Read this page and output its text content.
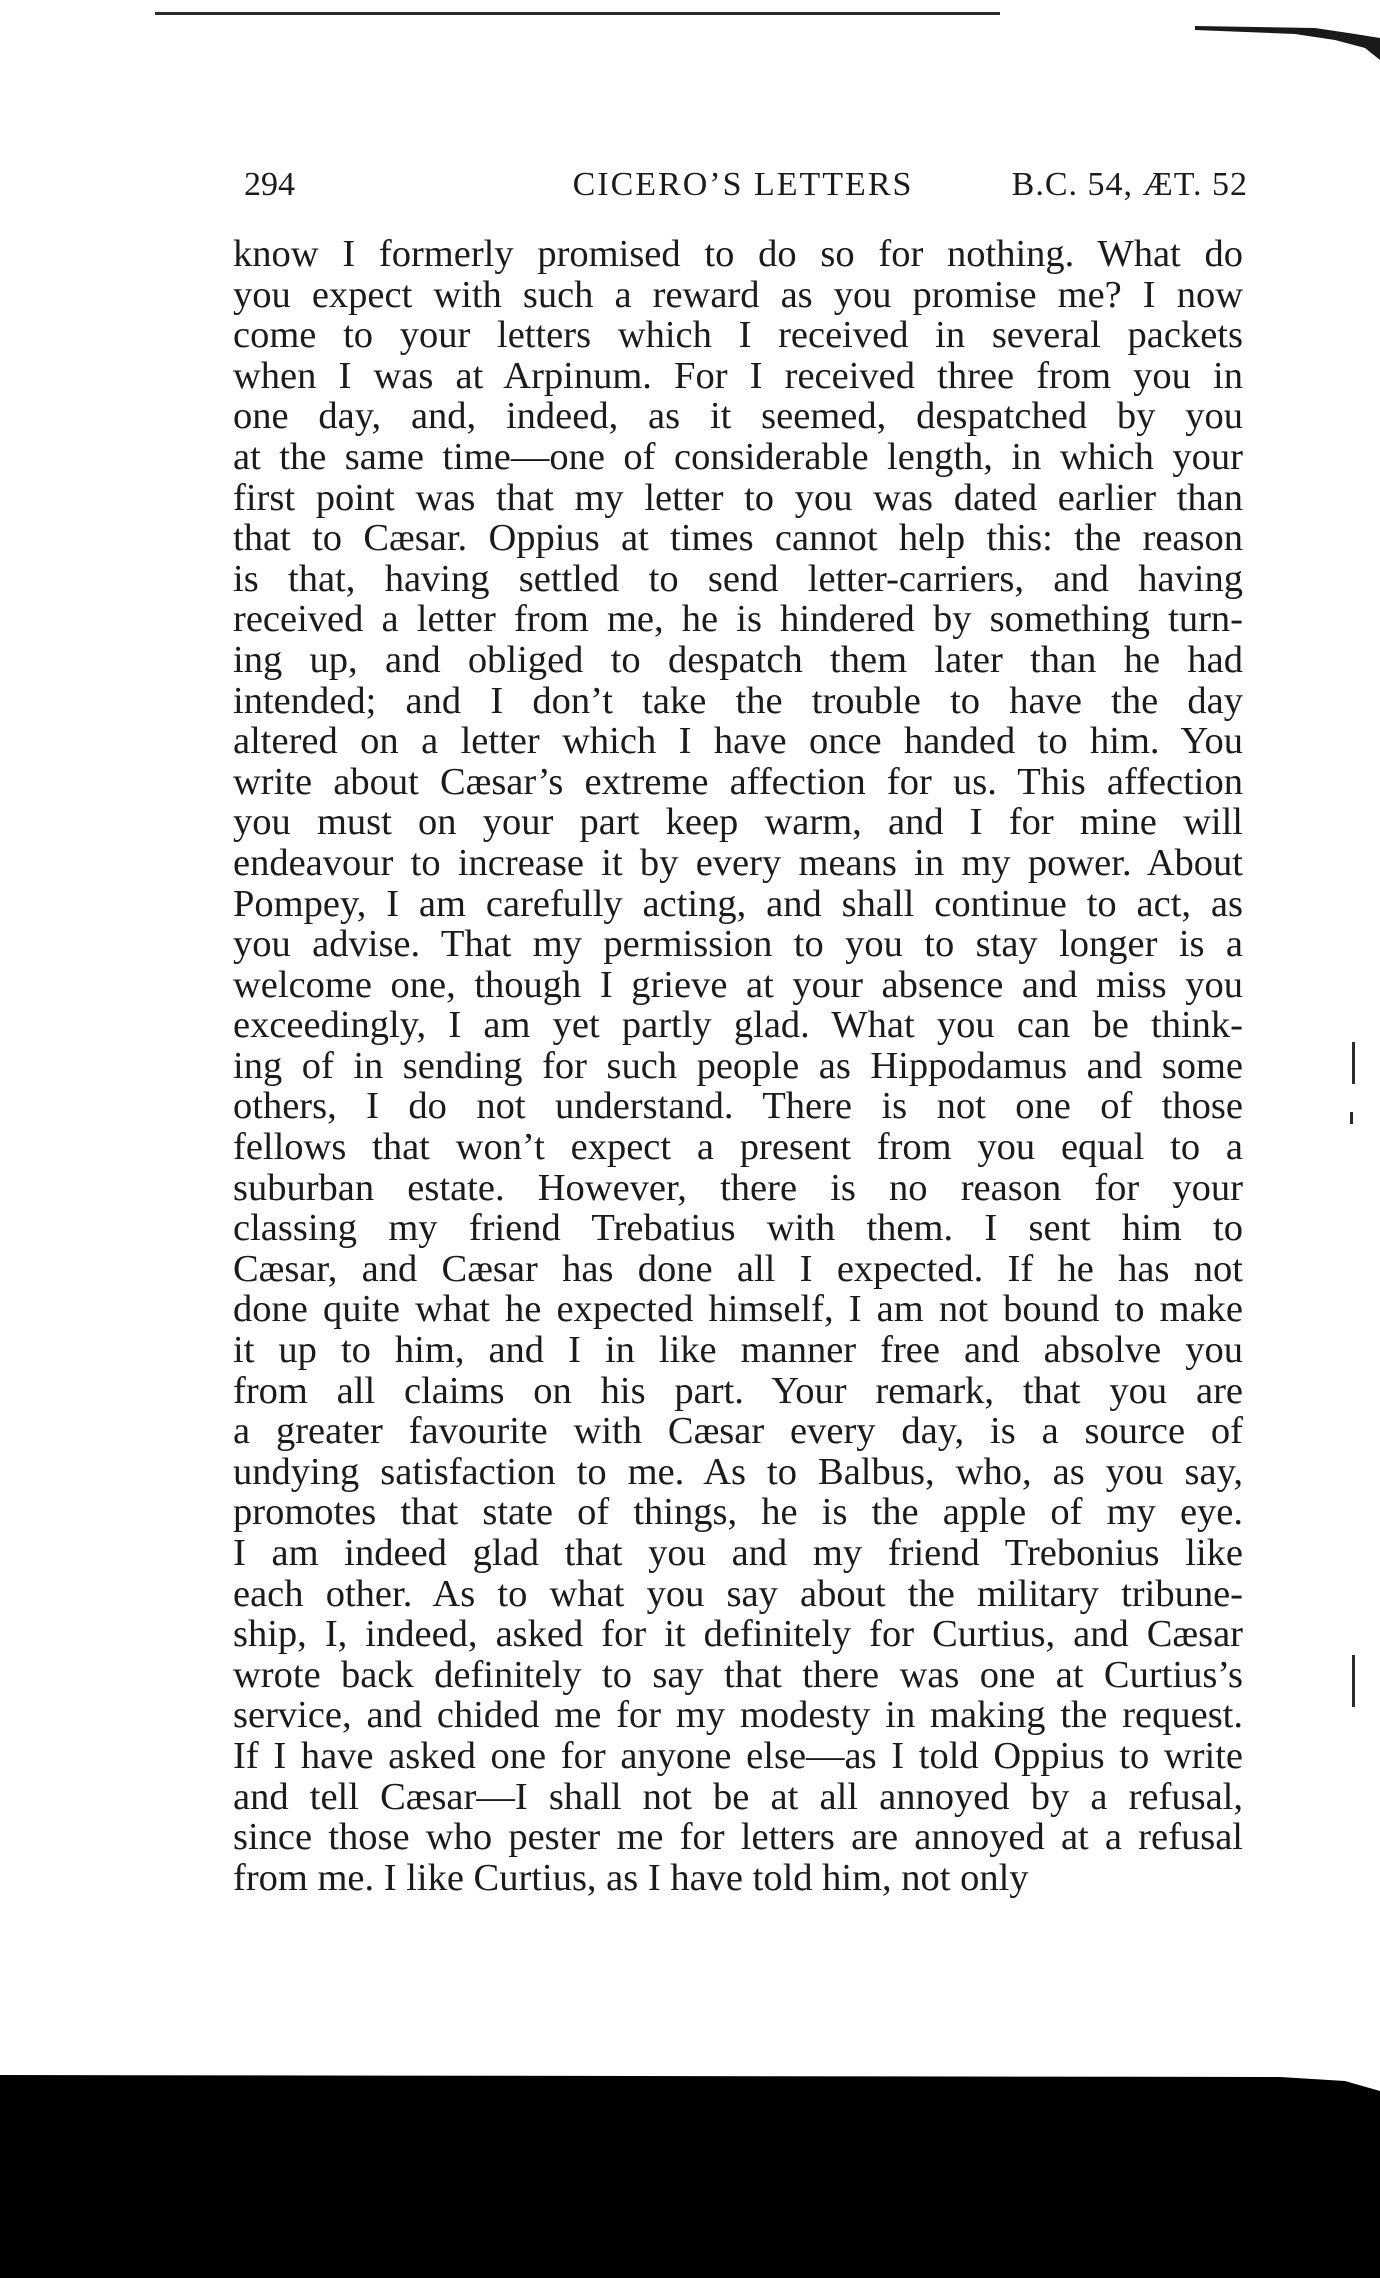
294	CICERO’S LETTERS	B.C. 54, ÆT. 52
know I formerly promised to do so for nothing. What do
you expect with such a reward as you promise me? I now
come to your letters which I received in several packets
when I was at Arpinum. For I received three from you in
one day, and, indeed, as it seemed, despatched by you
at the same time—one of considerable length, in which your
first point was that my letter to you was dated earlier than
that to Cæsar. Oppius at times cannot help this: the reason
is that, having settled to send letter-carriers, and having
received a letter from me, he is hindered by something turn-
ing up, and obliged to despatch them later than he had
intended; and I don’t take the trouble to have the day
altered on a letter which I have once handed to him. You
write about Cæsar’s extreme affection for us. This affection
you must on your part keep warm, and I for mine will
endeavour to increase it by every means in my power. About
Pompey, I am carefully acting, and shall continue to act, as
you advise. That my permission to you to stay longer is a
welcome one, though I grieve at your absence and miss you
exceedingly, I am yet partly glad. What you can be think-
ing of in sending for such people as Hippodamus and some
others, I do not understand. There is not one of those
fellows that won’t expect a present from you equal to a
suburban estate. However, there is no reason for your
classing my friend Trebatius with them. I sent him to
Cæsar, and Cæsar has done all I expected. If he has not
done quite what he expected himself, I am not bound to make
it up to him, and I in like manner free and absolve you
from all claims on his part. Your remark, that you are
a greater favourite with Cæsar every day, is a source of
undying satisfaction to me. As to Balbus, who, as you say,
promotes that state of things, he is the apple of my eye.
I am indeed glad that you and my friend Trebonius like
each other. As to what you say about the military tribune-
ship, I, indeed, asked for it definitely for Curtius, and Cæsar
wrote back definitely to say that there was one at Curtius’s
service, and chided me for my modesty in making the request.
If I have asked one for anyone else—as I told Oppius to write
and tell Cæsar—I shall not be at all annoyed by a refusal,
since those who pester me for letters are annoyed at a refusal
from me. I like Curtius, as I have told him, not only
